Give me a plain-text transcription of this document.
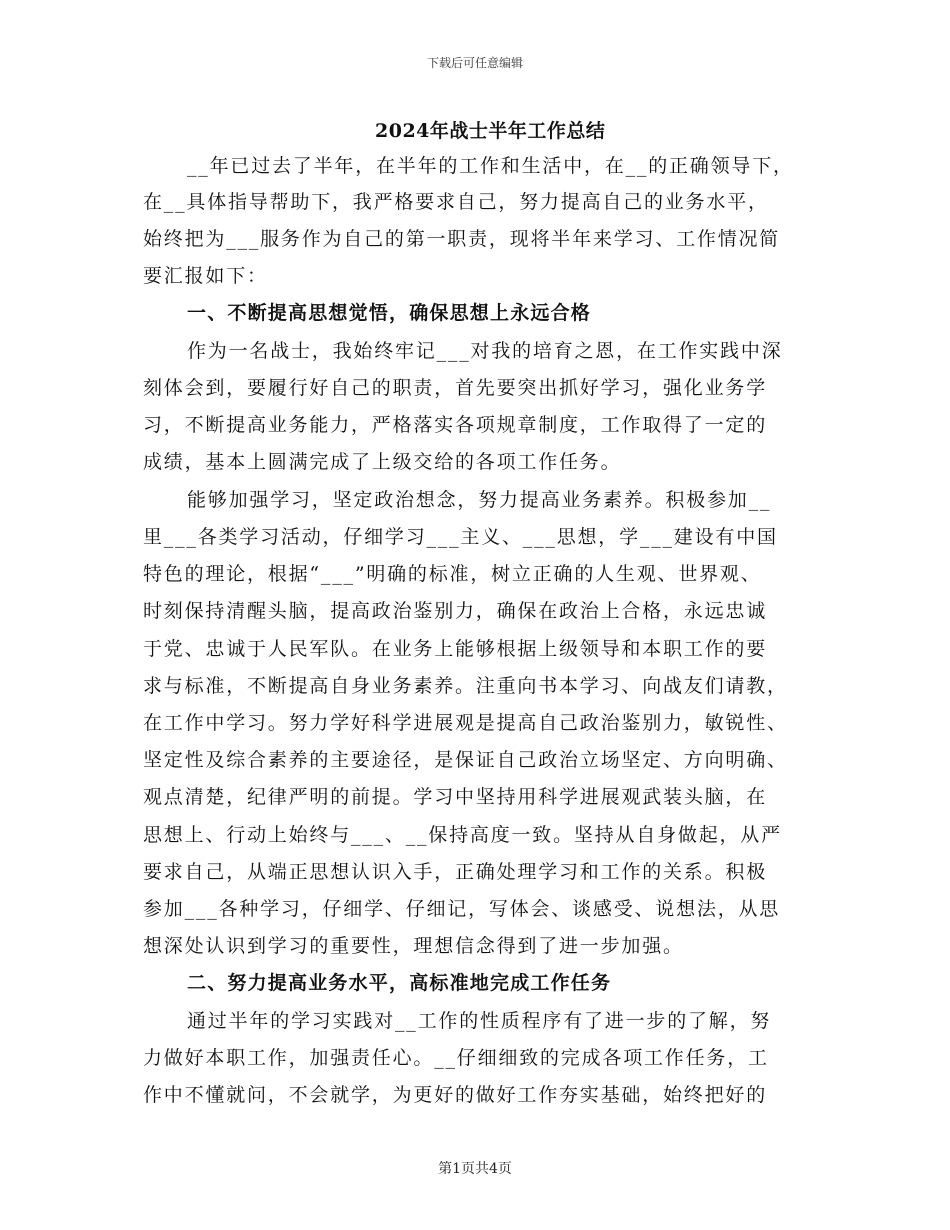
下载后可任意编辑
2024年战士半年工作总结
__年已过去了半年，在半年的工作和生活中，在__的正确领导下，
在__具体指导帮助下，我严格要求自己，努力提高自己的业务水平，
始终把为___服务作为自己的第一职责，现将半年来学习、工作情况简
要汇报如下：
一、不断提高思想觉悟，确保思想上永远合格
作为一名战士，我始终牢记___对我的培育之恩，在工作实践中深
刻体会到，要履行好自己的职责，首先要突出抓好学习，强化业务学
习，不断提高业务能力，严格落实各项规章制度，工作取得了一定的
成绩，基本上圆满完成了上级交给的各项工作任务。
能够加强学习，坚定政治想念，努力提高业务素养。积极参加__
里___各类学习活动，仔细学习___主义、___思想，学___建设有中国
特色的理论，根据“___”明确的标准，树立正确的人生观、世界观、
时刻保持清醒头脑，提高政治鉴别力，确保在政治上合格，永远忠诚
于党、忠诚于人民军队。在业务上能够根据上级领导和本职工作的要
求与标准，不断提高自身业务素养。注重向书本学习、向战友们请教，
在工作中学习。努力学好科学进展观是提高自己政治鉴别力，敏锐性、
坚定性及综合素养的主要途径，是保证自己政治立场坚定、方向明确、
观点清楚，纪律严明的前提。学习中坚持用科学进展观武装头脑，在
思想上、行动上始终与___、__保持高度一致。坚持从自身做起，从严
要求自己，从端正思想认识入手，正确处理学习和工作的关系。积极
参加___各种学习，仔细学、仔细记，写体会、谈感受、说想法，从思
想深处认识到学习的重要性，理想信念得到了进一步加强。
二、努力提高业务水平，高标准地完成工作任务
通过半年的学习实践对__工作的性质程序有了进一步的了解，努
力做好本职工作，加强责任心。__仔细细致的完成各项工作任务，工
作中不懂就问，不会就学，为更好的做好工作夯实基础，始终把好的
第1页共4页
